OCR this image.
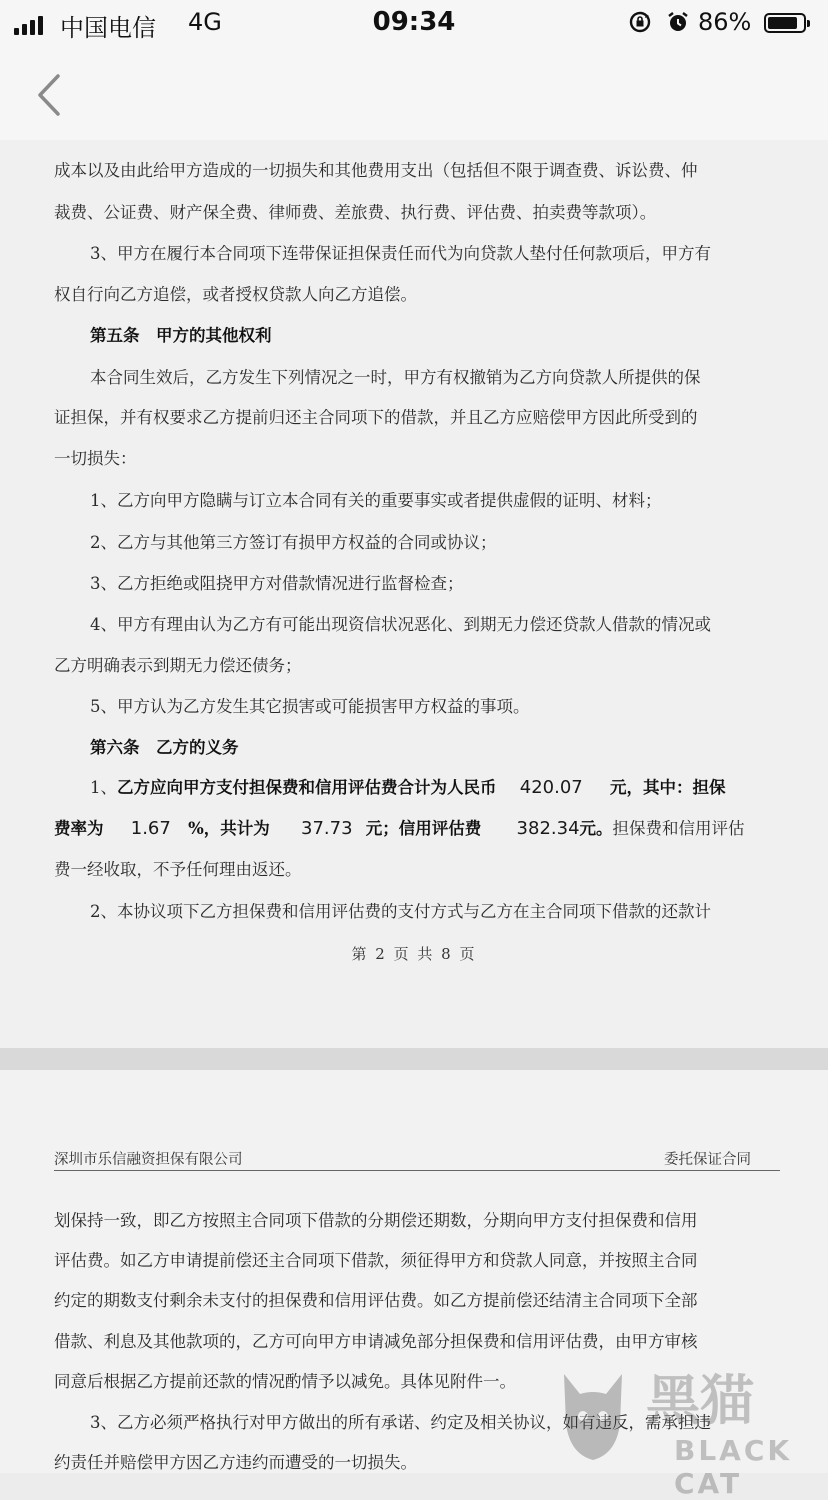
中国电信 4G	09:34	86%
成本以及由此给甲方造成的一切损失和其他费用支出（包括但不限于调查费、诉讼费、仲
裁费、公证费、财产保全费、律师费、差旅费、执行费、评估费、拍卖费等款项）。
3、甲方在履行本合同项下连带保证担保责任而代为向贷款人垫付任何款项后，甲方有
权自行向乙方追偿，或者授权贷款人向乙方追偿。
第五条　甲方的其他权利
本合同生效后，乙方发生下列情况之一时，甲方有权撤销为乙方向贷款人所提供的保
证担保，并有权要求乙方提前归还主合同项下的借款，并且乙方应赔偿甲方因此所受到的
一切损失：
1、乙方向甲方隐瞒与订立本合同有关的重要事实或者提供虚假的证明、材料；
2、乙方与其他第三方签订有损甲方权益的合同或协议；
3、乙方拒绝或阻挠甲方对借款情况进行监督检查；
4、甲方有理由认为乙方有可能出现资信状况恶化、到期无力偿还贷款人借款的情况或
乙方明确表示到期无力偿还债务；
5、甲方认为乙方发生其它损害或可能损害甲方权益的事项。
第六条　乙方的义务
1、乙方应向甲方支付担保费和信用评估费合计为人民币 420.07 元，其中：担保
费率为 1.67 %，共计为 37.73 元；信用评估费 382.34元。担保费和信用评估
费一经收取，不予任何理由返还。
2、本协议项下乙方担保费和信用评估费的支付方式与乙方在主合同项下借款的还款计
第 2 页 共 8 页
深圳市乐信融资担保有限公司	委托保证合同
划保持一致，即乙方按照主合同项下借款的分期偿还期数，分期向甲方支付担保费和信用
评估费。如乙方申请提前偿还主合同项下借款，须征得甲方和贷款人同意，并按照主合同
约定的期数支付剩余未支付的担保费和信用评估费。如乙方提前偿还结清主合同项下全部
借款、利息及其他款项的，乙方可向甲方申请减免部分担保费和信用评估费，由甲方审核
同意后根据乙方提前还款的情况酌情予以减免。具体见附件一。
3、乙方必须严格执行对甲方做出的所有承诺、约定及相关协议，如有违反，需承担违
约责任并赔偿甲方因乙方违约而遭受的一切损失。
黑猫
BLACK CAT
